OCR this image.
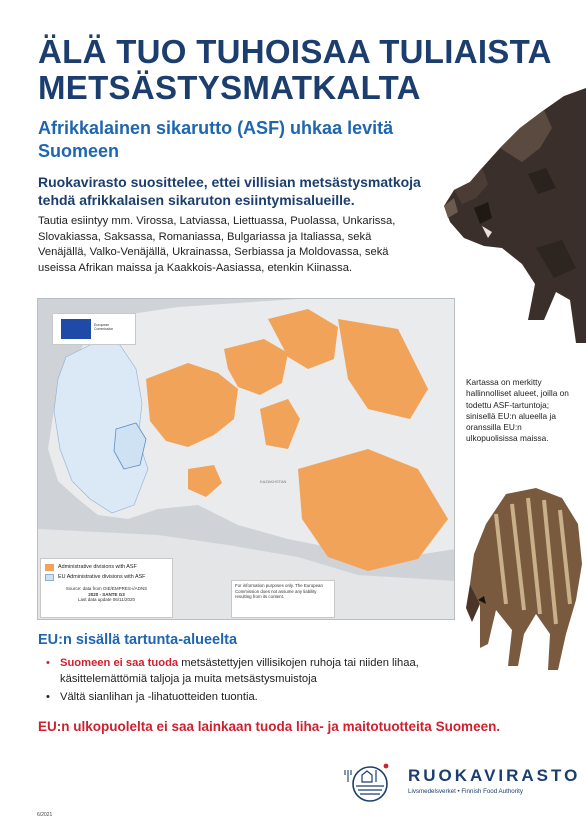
ÄLÄ TUO TUHOISAA TULIAISTA
METSÄSTYSMATKALTA
Afrikkalainen sikarutto (ASF) uhkaa levitä Suomeen
Ruokavirasto suosittelee, ettei villisian metsästysmatkoja tehdä afrikkalaisen sikaruton esiintymisalueille.
Tautia esiintyy mm. Virossa, Latviassa, Liettuassa, Puolassa, Unkarissa, Slovakiassa, Saksassa, Romaniassa, Bulgariassa ja Italiassa, sekä Venäjällä, Valko-Venäjällä, Ukrainassa, Serbiassa ja Moldovassa, sekä useissa Afrikan maissa ja Kaakkois-Aasiassa, etenkin Kiinassa.
KAZAKHSTAN
European
Commission
Administrative divisions with ASF
EU Administrative divisions with ASF
Source: data from OIE/EMPRES-i/ADNS
2020 - SANTE G3
Last data update 06/11/2020
For information purposes only. The European Commission does not assume any liability resulting from its content.
Kartassa on merkitty hallinnolliset alueet, joilla on todettu ASF-tartuntoja; sinisellä EU:n alueella ja oranssilla EU:n ulkopuolisissa maissa.
EU:n sisällä tartunta-alueelta
• Suomeen ei saa tuoda metsästettyjen villisikojen ruhoja tai niiden lihaa, käsittelemättömiä taljoja ja muita metsästysmuistoja
• Vältä sianlihan ja -lihatuotteiden tuontia.
EU:n ulkopuolelta ei saa lainkaan tuoda liha- ja maitotuotteita Suomeen.
RUOKAVIRASTO
Livsmedelsverket • Finnish Food Authority
6/2021
